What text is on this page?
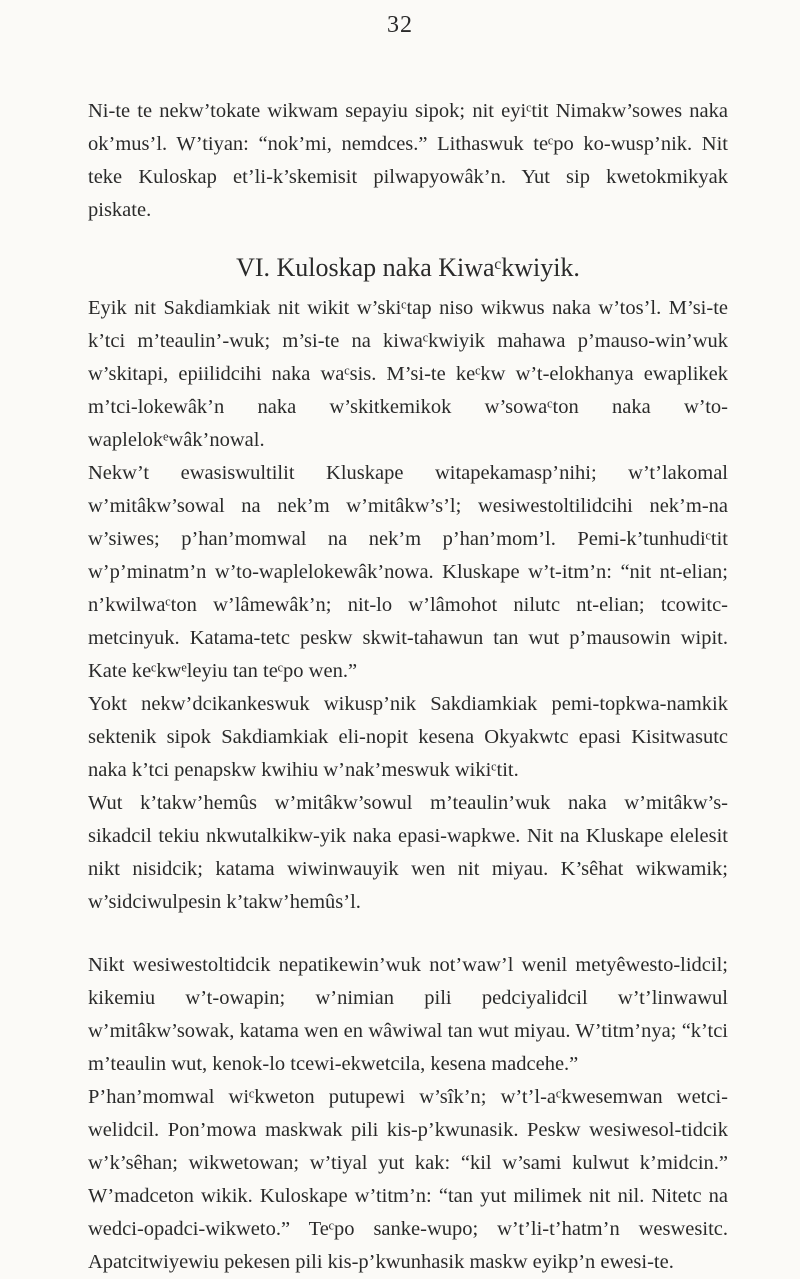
32

Ni-te te nekw’tokate wikwam sepayiu sipok; nit eyiᶜtit Nimakw’sowes naka ok’mus’l. W’tiyan: “nok’mi, nemdces.” Lithaswuk teᶜpo ko-wusp’nik. Nit teke Kuloskap et’li-k’skemisit pilwapyowâk’n. Yut sip kwetokmikyak piskate.

VI. Kuloskap naka Kiwaᶜkwiyik.

Eyik nit Sakdiamkiak nit wikit w’skiᶜtap niso wikwus naka w’tos’l. M’si-te k’tci m’teaulin’-wuk; m’si-te na kiwaᶜkwiyik mahawa p’mauso-win’wuk w’skitapi, epiilidcihi naka waᶜsis. M’si-te keᶜkw w’t-elokhanya ewaplikek m’tci-lokewâk’n naka w’skitkemikok w’sowaᶜton naka w’to-waplelokᵉwâk’nowal.

Nekw’t ewasiswultilit Kluskape witapekamasp’nihi; w’t’lakomal w’mitâkw’sowal na nek’m w’mitâkw’s’l; wesiwestoltilidcihi nek’m-na w’siwes; p’han’momwal na nek’m p’han’mom’l. Pemi-k’tunhudiᶜtit w’p’minatm’n w’to-waplelokewâk’nowa. Kluskape w’t-itm’n: “nit nt-elian; n’kwilwaᶜton w’lâmewâk’n; nit-lo w’lâmohot nilutc nt-elian; tcowitc-metcinyuk. Katama-tetc peskw skwit-tahawun tan wut p’mausowin wipit. Kate keᶜkwᵉleyiu tan teᶜpo wen.”

Yokt nekw’dcikankeswuk wikusp’nik Sakdiamkiak pemi-topkwa-namkik sektenik sipok Sakdiamkiak eli-nopit kesena Okyakwtc epasi Kisitwasutc naka k’tci penapskw kwihiu w’nak’meswuk wikiᶜtit.

Wut k’takw’hemûs w’mitâkw’sowul m’teaulin’wuk naka w’mitâkw’s-sikadcil tekiu nkwutalkikw-yik naka epasi-wapkwe. Nit na Kluskape elelesit nikt nisidcik; katama wiwinwauyik wen nit miyau. K’sêhat wikwamik; w’sidciwulpesin k’takw’hemûs’l.

Nikt wesiwestoltidcik nepatikewin’wuk not’waw’l wenil metyêwesto-lidcil; kikemiu w’t-owapin; w’nimian pili pedciyalidcil w’t’linwawul w’mitâkw’sowak, katama wen en wâwiwal tan wut miyau. W’titm’nya; “k’tci m’teaulin wut, kenok-lo tcewi-ekwetcila, kesena madcehe.”

P’han’momwal wiᶜkweton putupewi w’sîk’n; w’t’l-aᶜkwesemwan wetci-welidcil. Pon’mowa maskwak pili kis-p’kwunasik. Peskw wesiwesol-tidcik w’k’sêhan; wikwetowan; w’tiyal yut kak: “kil w’sami kulwut k’midcin.” W’madceton wikik. Kuloskape w’titm’n: “tan yut milimek nit nil. Nitetc na wedci-opadci-wikweto.” Teᶜpo sanke-wupo; w’t’li-t’hatm’n weswesitc. Apatcitwiyewiu pekesen pili kis-p’kwunhasik maskw eyikp’n ewesi-te.
